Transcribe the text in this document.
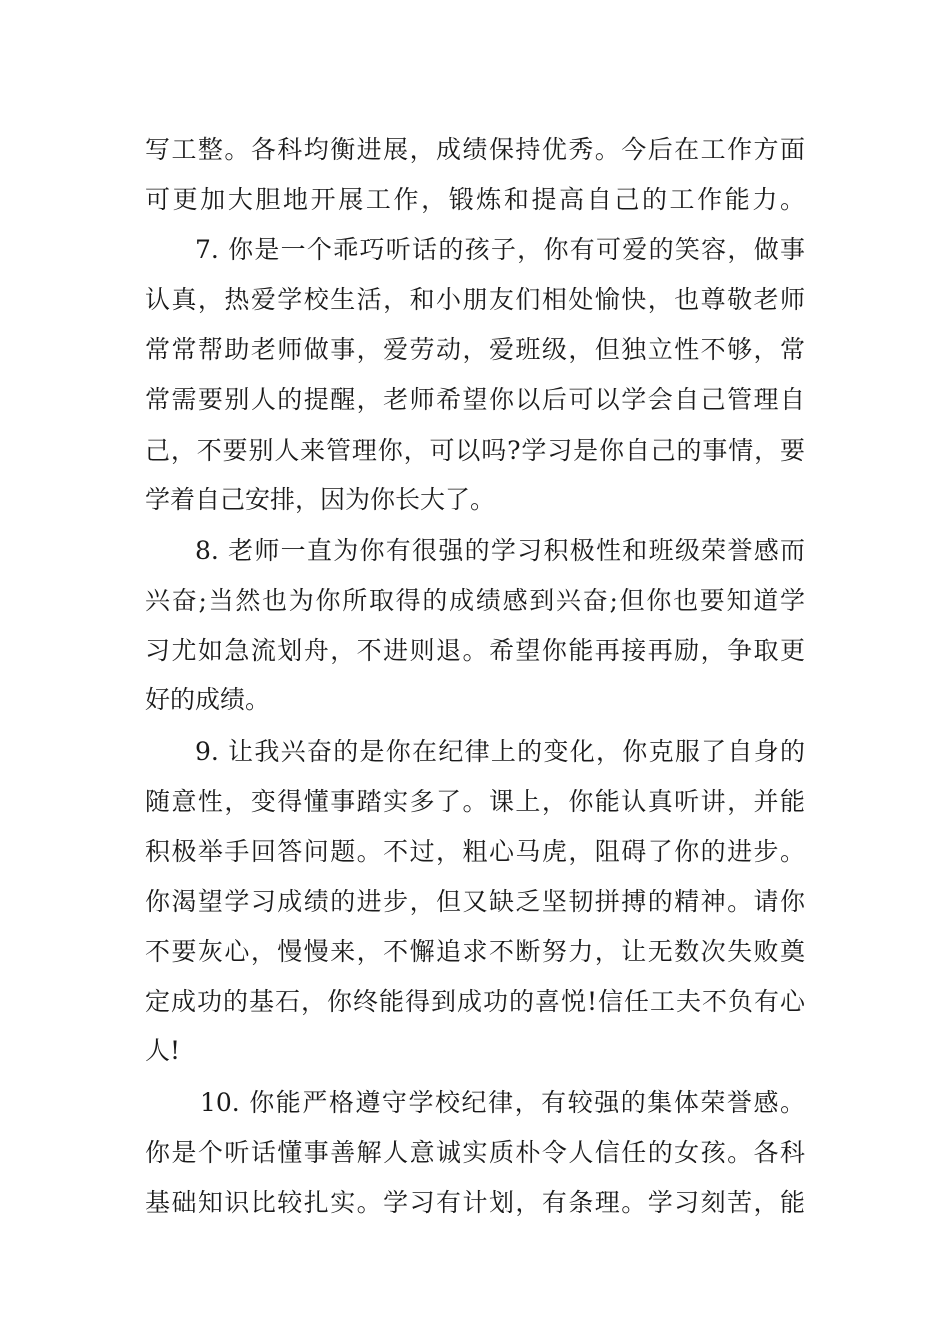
写工整。各科均衡进展，成绩保持优秀。今后在工作方面
可更加大胆地开展工作，锻炼和提高自己的工作能力。
7. 你是一个乖巧听话的孩子，你有可爱的笑容，做事
认真，热爱学校生活，和小朋友们相处愉快，也尊敬老师
常常帮助老师做事，爱劳动，爱班级，但独立性不够，常
常需要别人的提醒，老师希望你以后可以学会自己管理自
己，不要别人来管理你，可以吗?学习是你自己的事情，要
学着自己安排，因为你长大了。
8. 老师一直为你有很强的学习积极性和班级荣誉感而
兴奋;当然也为你所取得的成绩感到兴奋;但你也要知道学
习尤如急流划舟，不进则退。希望你能再接再励，争取更
好的成绩。
9. 让我兴奋的是你在纪律上的变化，你克服了自身的
随意性，变得懂事踏实多了。课上，你能认真听讲，并能
积极举手回答问题。不过，粗心马虎，阻碍了你的进步。
你渴望学习成绩的进步，但又缺乏坚韧拼搏的精神。请你
不要灰心，慢慢来，不懈追求不断努力，让无数次失败奠
定成功的基石，你终能得到成功的喜悦!信任工夫不负有心
人!
10. 你能严格遵守学校纪律，有较强的集体荣誉感。
你是个听话懂事善解人意诚实质朴令人信任的女孩。各科
基础知识比较扎实。学习有计划，有条理。学习刻苦，能
